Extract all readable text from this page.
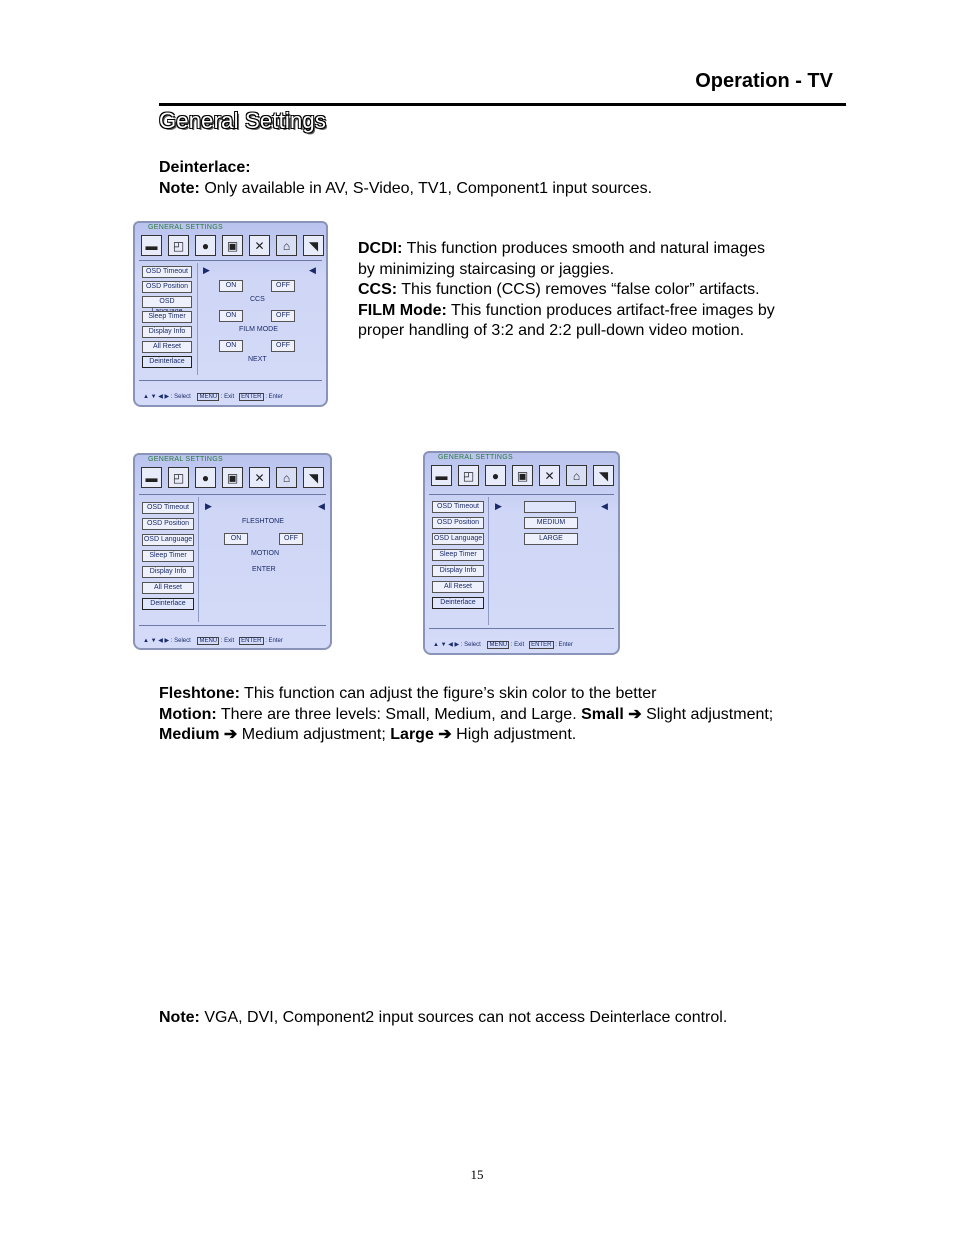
Operation - TV
General Settings
Deinterlace:
Note: Only available in AV, S-Video, TV1, Component1 input sources.
GENERAL SETTINGS
▬	◰	●	▣	✕	⌂	◥
OSD Timeout
OSD Position
OSD
Sleep Timer
Display Info
All Reset
Deinterlace
▶	◀
ON	OFF
CCS
ON	OFF
FILM MODE
ON	OFF
NEXT
▲ ▼ ◀ ▶ : Select MENU : Exit ENTER : Enter
DCDI: This function produces smooth and natural images
by minimizing staircasing or jaggies.
CCS: This function (CCS) removes “false color” artifacts.
FILM Mode: This function produces artifact-free images by
proper handling of 3:2 and 2:2 pull-down video motion.
GENERAL SETTINGS
▬	◰	●	▣	✕	⌂	◥
OSD Timeout
OSD Position
OSD Language
Sleep Timer
Display Info
All Reset
Deinterlace
▶	◀
FLESHTONE
ON	OFF
MOTION
ENTER
▲ ▼ ◀ ▶ : Select MENU : Exit ENTER : Enter
GENERAL SETTINGS
▬	◰	●	▣	✕	⌂	◥
OSD Timeout
OSD Position
OSD Language
Sleep Timer
Display Info
All Reset
Deinterlace
▶	◀
MEDIUM
LARGE
▲ ▼ ◀ ▶ : Select MENU : Exit ENTER : Enter
Fleshtone: This function can adjust the figure’s skin color to the better
Motion: There are three levels: Small, Medium, and Large. Small ➔ Slight adjustment;
Medium ➔ Medium adjustment; Large ➔ High adjustment.
Note: VGA, DVI, Component2 input sources can not access Deinterlace control.
15
